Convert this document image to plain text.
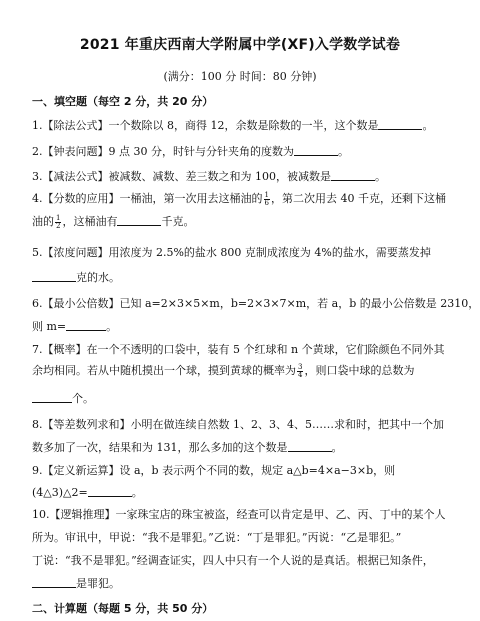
2021 年重庆西南大学附属中学(XF)入学数学试卷
(满分：100 分 时间：80 分钟)
一、填空题（每空 2 分，共 20 分）
1.【除法公式】一个数除以 8，商得 12，余数是除数的一半，这个数是	。
2.【钟表问题】9 点 30 分，时针与分针夹角的度数为	。
3.【减法公式】被减数、减数、差三数之和为 100，被减数是	。
4.【分数的应用】一桶油，第一次用去这桶油的 $\frac{1}{6}$ ，第二次用去 40 千克，还剩下这桶
油的 $\frac{1}{2}$ ，这桶油有	千克。
5.【浓度问题】用浓度为 2.5%的盐水 800 克制成浓度为 4%的盐水，需要蒸发掉
克的水。
6.【最小公倍数】已知 a=2×3×5×m，b=2×3×7×m，若 a，b 的最小公倍数是 2310，
则 m=	。
7.【概率】在一个不透明的口袋中，装有 5 个红球和 n 个黄球，它们除颜色不同外其
余均相同。若从中随机摸出一个球，摸到黄球的概率为 $\frac{3}{4}$ ，则口袋中球的总数为
个。
8.【等差数列求和】小明在做连续自然数 1、2、3、4、5……求和时，把其中一个加
数多加了一次，结果和为 131，那么多加的这个数是	。
9.【定义新运算】设 a，b 表示两个不同的数，规定 a△b=4×a−3×b，则
(4△3)△2=	。
10.【逻辑推理】一家珠宝店的珠宝被盗，经查可以肯定是甲、乙、丙、丁中的某个人
所为。审讯中，甲说：“我不是罪犯。”乙说：“丁是罪犯。”丙说：“乙是罪犯。”
丁说：“我不是罪犯。”经调查证实，四人中只有一个人说的是真话。根据已知条件，
是罪犯。
二、计算题（每题 5 分，共 50 分）
